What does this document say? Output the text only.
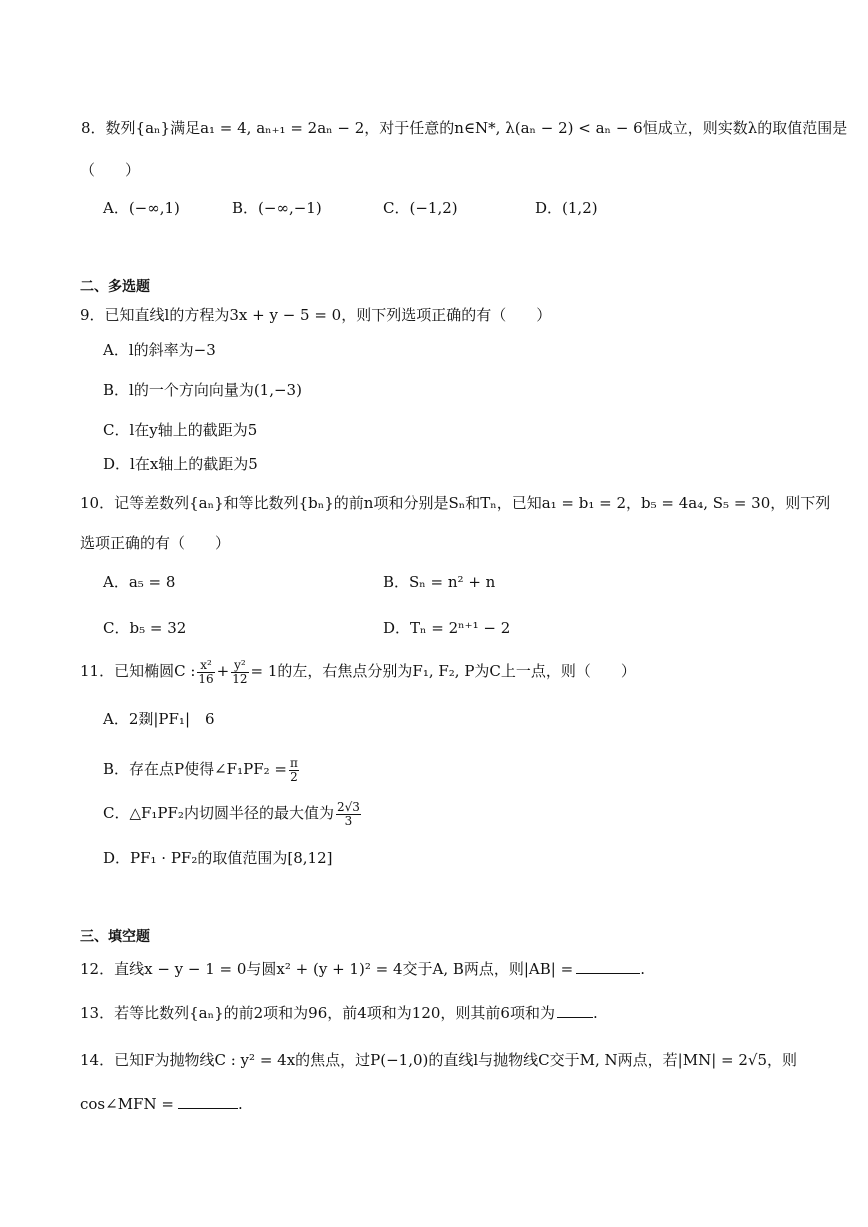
8．数列{aₙ}满足a₁ = 4, aₙ₊₁ = 2aₙ − 2，对于任意的n∈N*, λ(aₙ − 2) < aₙ − 6恒成立，则实数λ的取值范围是
（　　）
A．(−∞,1)	B．(−∞,−1)	C．(−1,2)	D．(1,2)
二、多选题
9．已知直线l的方程为3x + y − 5 = 0，则下列选项正确的有（　　）
A．l的斜率为−3
B．l的一个方向向量为(1,−3)
C．l在y轴上的截距为5
D．l在x轴上的截距为5
10．记等差数列{aₙ}和等比数列{bₙ}的前n项和分别是Sₙ和Tₙ，已知a₁ = b₁ = 2，b₅ = 4a₄, S₅ = 30，则下列
选项正确的有（　　）
A．a₅ = 8	B．Sₙ = n² + n
C．b₅ = 32	D．Tₙ = 2ⁿ⁺¹ − 2
11．已知椭圆C : $\frac{\text{x²}}{16} + \frac{\text{y²}}{12} = 1$的左，右焦点分别为F₁, F₂, P为C上一点，则（　　）
A．2剟|PF₁|　6
B．存在点P使得∠F₁PF₂ = $\frac{\pi}{2}$
C．△F₁PF₂内切圆半径的最大值为 $\frac{2√3}{3}$
D．PF₁ · PF₂的取值范围为[8,12]
三、填空题
12．直线x − y − 1 = 0与圆x² + (y + 1)² = 4交于A, B两点，则|AB| =	.
13．若等比数列{aₙ}的前2项和为96，前4项和为120，则其前6项和为	.
14．已知F为抛物线C : y² = 4x的焦点，过P(−1,0)的直线l与抛物线C交于M, N两点，若|MN| = 2√5，则
cos∠MFN =	.
